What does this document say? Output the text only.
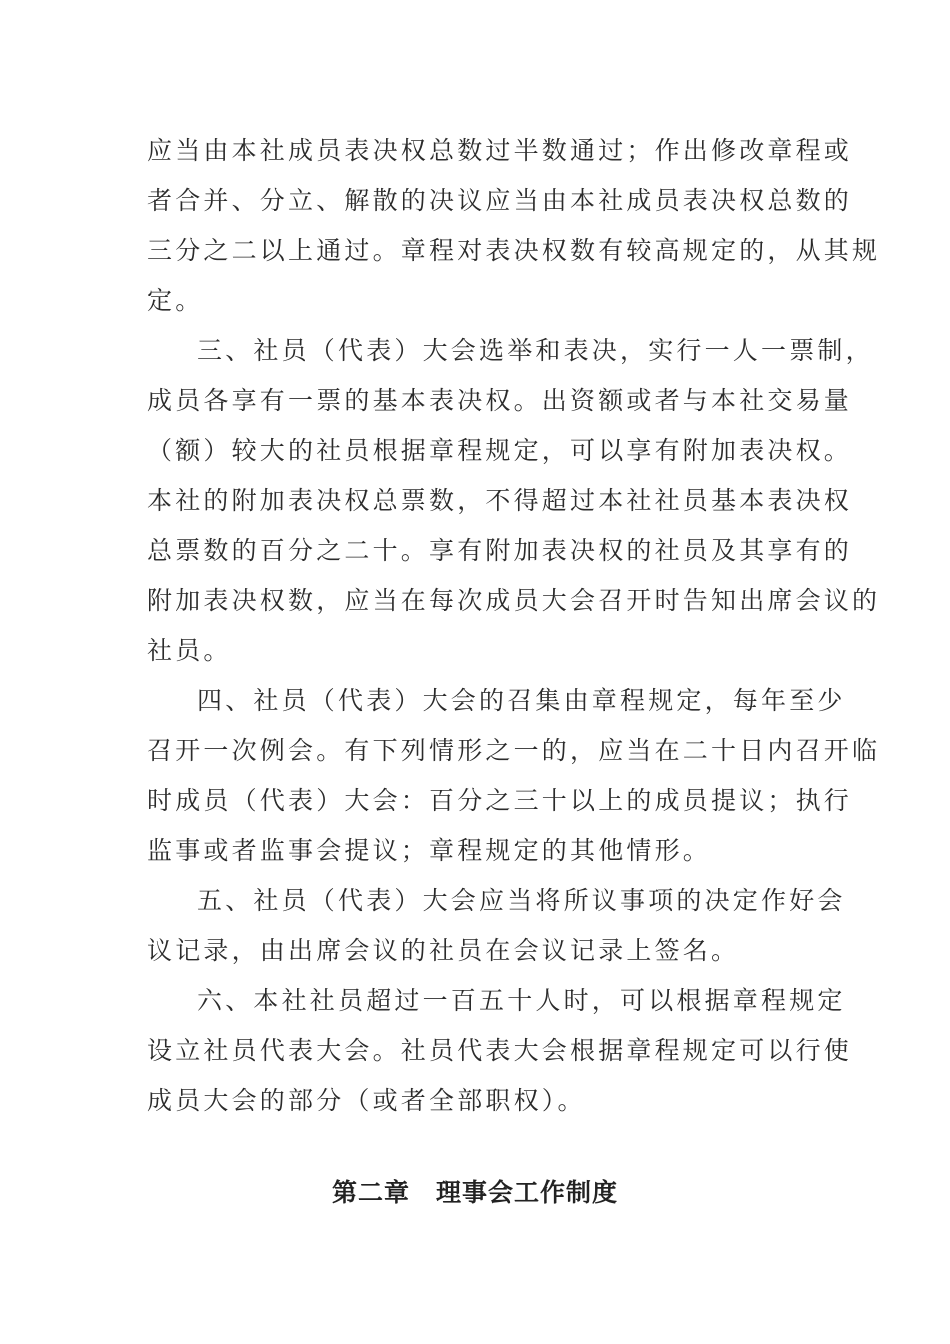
应当由本社成员表决权总数过半数通过；作出修改章程或
者合并、分立、解散的决议应当由本社成员表决权总数的
三分之二以上通过。章程对表决权数有较高规定的，从其规
定。
三、社员（代表）大会选举和表决，实行一人一票制，
成员各享有一票的基本表决权。出资额或者与本社交易量
（额）较大的社员根据章程规定，可以享有附加表决权。
本社的附加表决权总票数，不得超过本社社员基本表决权
总票数的百分之二十。享有附加表决权的社员及其享有的
附加表决权数，应当在每次成员大会召开时告知出席会议的
社员。
四、社员（代表）大会的召集由章程规定，每年至少
召开一次例会。有下列情形之一的，应当在二十日内召开临
时成员（代表）大会：百分之三十以上的成员提议；执行
监事或者监事会提议；章程规定的其他情形。
五、社员（代表）大会应当将所议事项的决定作好会
议记录，由出席会议的社员在会议记录上签名。
六、本社社员超过一百五十人时，可以根据章程规定
设立社员代表大会。社员代表大会根据章程规定可以行使
成员大会的部分（或者全部职权）。
第二章　理事会工作制度
